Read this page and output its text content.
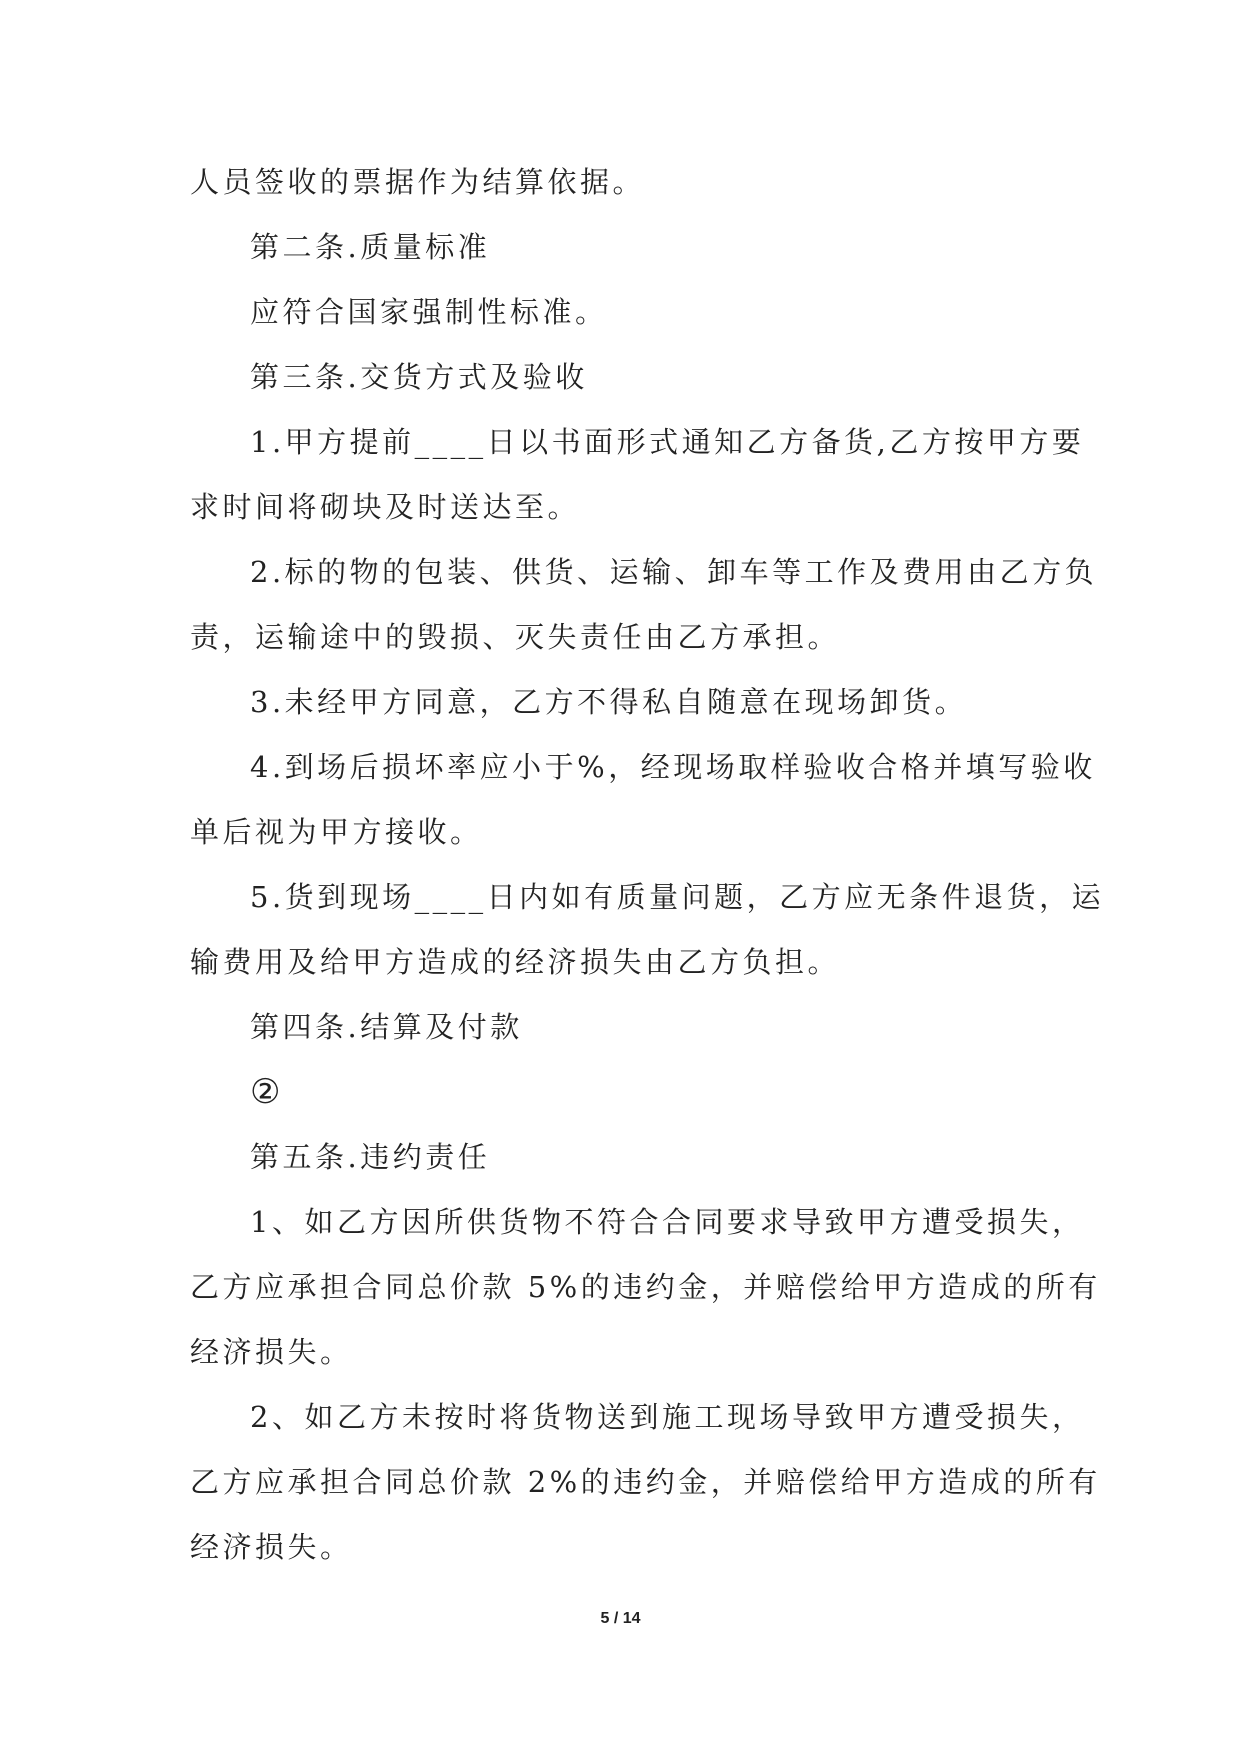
人员签收的票据作为结算依据。
第二条.质量标准
应符合国家强制性标准。
第三条.交货方式及验收
1.甲方提前____日以书面形式通知乙方备货,乙方按甲方要
求时间将砌块及时送达至。
2.标的物的包装、供货、运输、卸车等工作及费用由乙方负
责，运输途中的毁损、灭失责任由乙方承担。
3.未经甲方同意，乙方不得私自随意在现场卸货。
4.到场后损坏率应小于%，经现场取样验收合格并填写验收
单后视为甲方接收。
5.货到现场____日内如有质量问题，乙方应无条件退货，运
输费用及给甲方造成的经济损失由乙方负担。
第四条.结算及付款
②
第五条.违约责任
1、如乙方因所供货物不符合合同要求导致甲方遭受损失，
乙方应承担合同总价款 5%的违约金，并赔偿给甲方造成的所有
经济损失。
2、如乙方未按时将货物送到施工现场导致甲方遭受损失，
乙方应承担合同总价款 2%的违约金，并赔偿给甲方造成的所有
经济损失。
5 / 14
